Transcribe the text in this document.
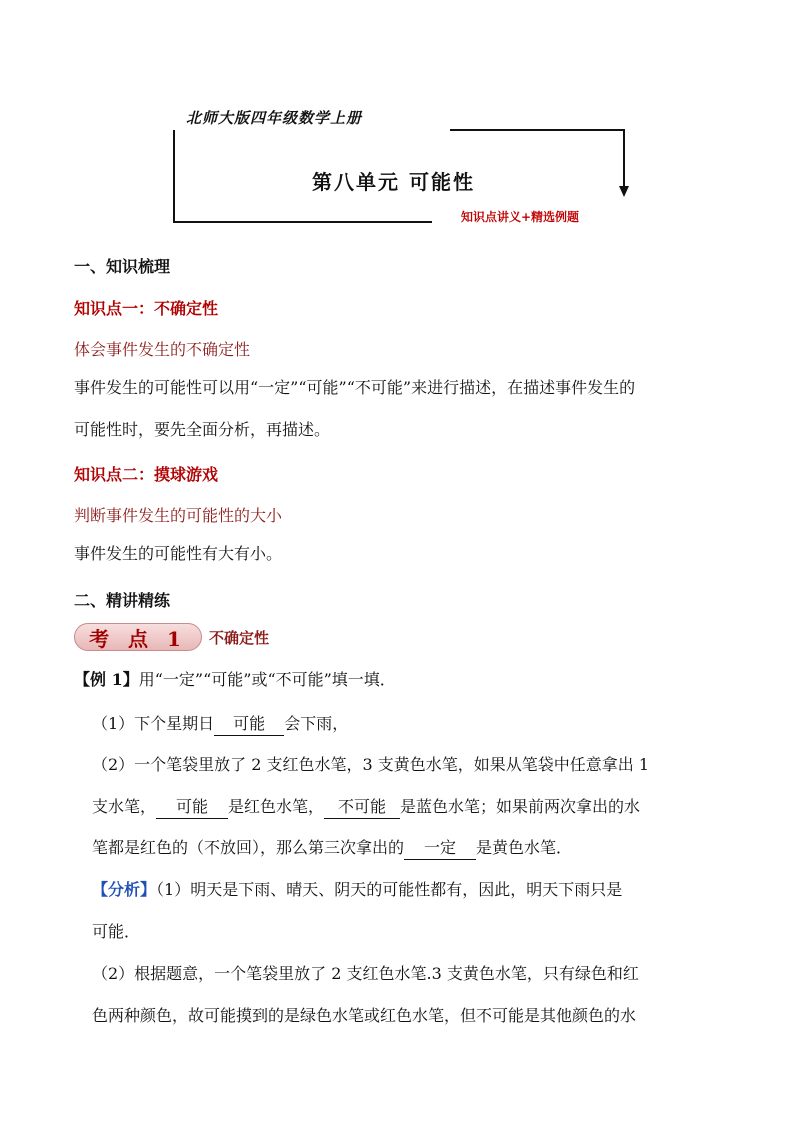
北师大版四年级数学上册
第八单元 可能性
知识点讲义+精选例题
一、知识梳理
知识点一：不确定性
体会事件发生的不确定性
事件发生的可能性可以用“一定”“可能”“不可能”来进行描述，在描述事件发生的
可能性时，要先全面分析，再描述。
知识点二：摸球游戏
判断事件发生的可能性的大小
事件发生的可能性有大有小。
二、精讲精练
考 点 1	不确定性
【例 1】用“一定”“可能”或“不可能”填一填．
（1）下个星期日 可能 会下雨，
（2）一个笔袋里放了 2 支红色水笔，3 支黄色水笔，如果从笔袋中任意拿出 1
支水笔， 可能 是红色水笔， 不可能 是蓝色水笔；如果前两次拿出的水
笔都是红色的（不放回），那么第三次拿出的 一定 是黄色水笔．
【分析】（1）明天是下雨、晴天、阴天的可能性都有，因此，明天下雨只是
可能．
（2）根据题意，一个笔袋里放了 2 支红色水笔.3 支黄色水笔，只有绿色和红
色两种颜色，故可能摸到的是绿色水笔或红色水笔，但不可能是其他颜色的水
